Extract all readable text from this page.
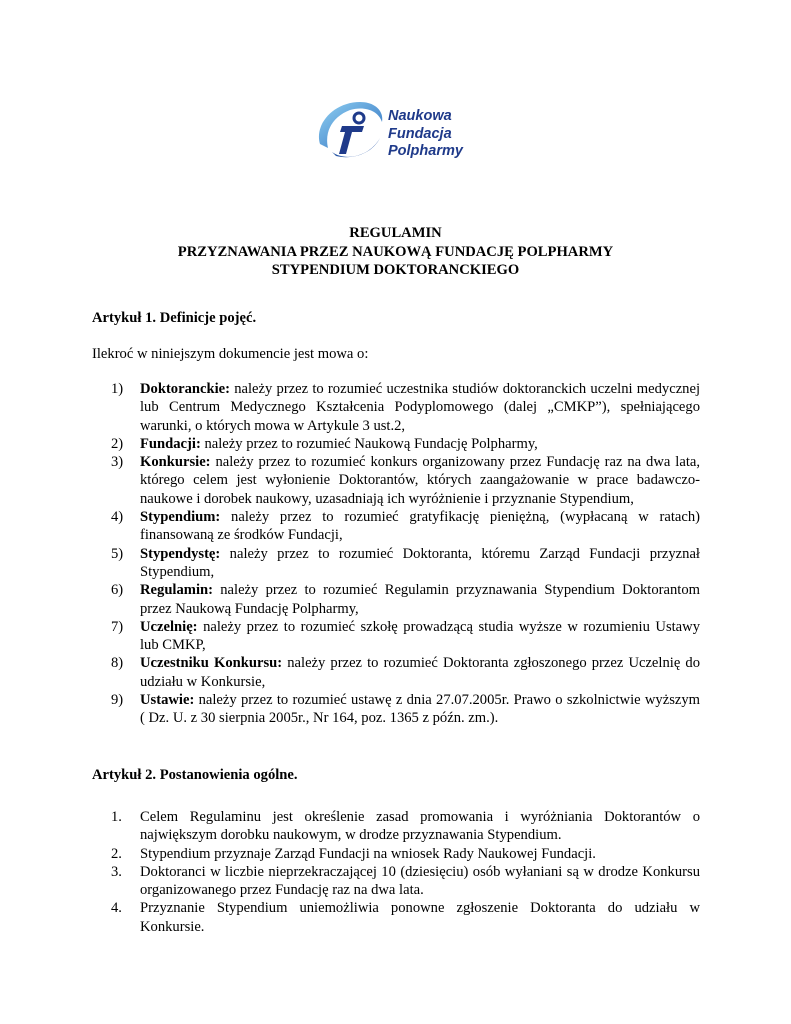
Naukowa
Fundacja
Polpharmy
REGULAMIN
PRZYZNAWANIA PRZEZ NAUKOWĄ FUNDACJĘ POLPHARMY
STYPENDIUM DOKTORANCKIEGO
Artykuł 1. Definicje pojęć.
Ilekroć w niniejszym dokumencie jest mowa o:
1) Doktoranckie: należy przez to rozumieć uczestnika studiów doktoranckich uczelni medycznej lub Centrum Medycznego Kształcenia Podyplomowego (dalej „CMKP”), spełniającego warunki, o których mowa w Artykule 3 ust.2,
2) Fundacji: należy przez to rozumieć Naukową Fundację Polpharmy,
3) Konkursie: należy przez to rozumieć konkurs organizowany przez Fundację raz na dwa lata, którego celem jest wyłonienie Doktorantów, których zaangażowanie w prace badawczo-naukowe i dorobek naukowy, uzasadniają ich wyróżnienie i przyznanie Stypendium,
4) Stypendium: należy przez to rozumieć gratyfikację pieniężną, (wypłacaną w ratach) finansowaną ze środków Fundacji,
5) Stypendystę: należy przez to rozumieć Doktoranta, któremu Zarząd Fundacji przyznał Stypendium,
6) Regulamin: należy przez to rozumieć Regulamin przyznawania Stypendium Doktorantom przez Naukową Fundację Polpharmy,
7) Uczelnię: należy przez to rozumieć szkołę prowadzącą studia wyższe w rozumieniu Ustawy lub CMKP,
8) Uczestniku Konkursu: należy przez to rozumieć Doktoranta zgłoszonego przez Uczelnię do udziału w Konkursie,
9) Ustawie: należy przez to rozumieć ustawę z dnia 27.07.2005r. Prawo o szkolnictwie wyższym ( Dz. U. z 30 sierpnia 2005r., Nr 164, poz. 1365 z późn. zm.).
Artykuł 2. Postanowienia ogólne.
1. Celem Regulaminu jest określenie zasad promowania i wyróżniania Doktorantów o największym dorobku naukowym, w drodze przyznawania Stypendium.
2. Stypendium przyznaje Zarząd Fundacji na wniosek Rady Naukowej Fundacji.
3. Doktoranci w liczbie nieprzekraczającej 10 (dziesięciu) osób wyłaniani są w drodze Konkursu organizowanego przez Fundację raz na dwa lata.
4. Przyznanie Stypendium uniemożliwia ponowne zgłoszenie Doktoranta do udziału w Konkursie.
